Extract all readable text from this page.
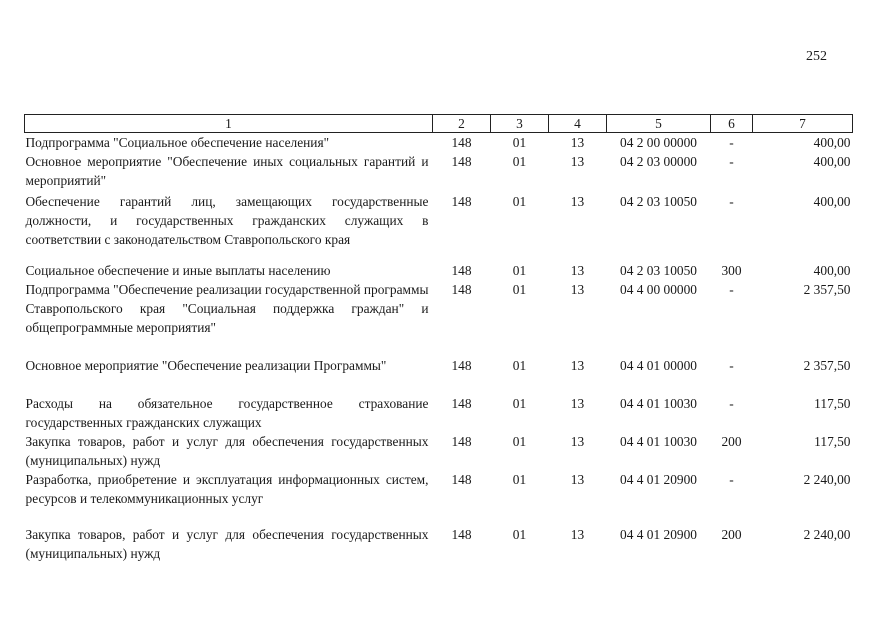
252
1	2	3	4	5	6	7
Подпрограмма "Социальное обеспечение населения"	148	01	13	04 2 00 00000	-	400,00
Основное мероприятие "Обеспечение иных социальных гарантий и мероприятий"	148	01	13	04 2 03 00000	-	400,00
Обеспечение гарантий лиц, замещающих государственные должности, и государственных гражданских служащих в соответствии с законодательством Ставропольского края	148	01	13	04 2 03 10050	-	400,00
Социальное обеспечение и иные выплаты населению	148	01	13	04 2 03 10050	300	400,00
Подпрограмма "Обеспечение реализации государственной программы Ставропольского края "Социальная поддержка граждан" и общепрограммные мероприятия"	148	01	13	04 4 00 00000	-	2 357,50
Основное мероприятие "Обеспечение реализации Программы"	148	01	13	04 4 01 00000	-	2 357,50
Расходы на обязательное государственное страхование государственных гражданских служащих	148	01	13	04 4 01 10030	-	117,50
Закупка товаров, работ и услуг для обеспечения государственных (муниципальных) нужд	148	01	13	04 4 01 10030	200	117,50
Разработка, приобретение и эксплуатация информационных систем, ресурсов и телекоммуникационных услуг	148	01	13	04 4 01 20900	-	2 240,00
Закупка товаров, работ и услуг для обеспечения государственных (муниципальных) нужд	148	01	13	04 4 01 20900	200	2 240,00
